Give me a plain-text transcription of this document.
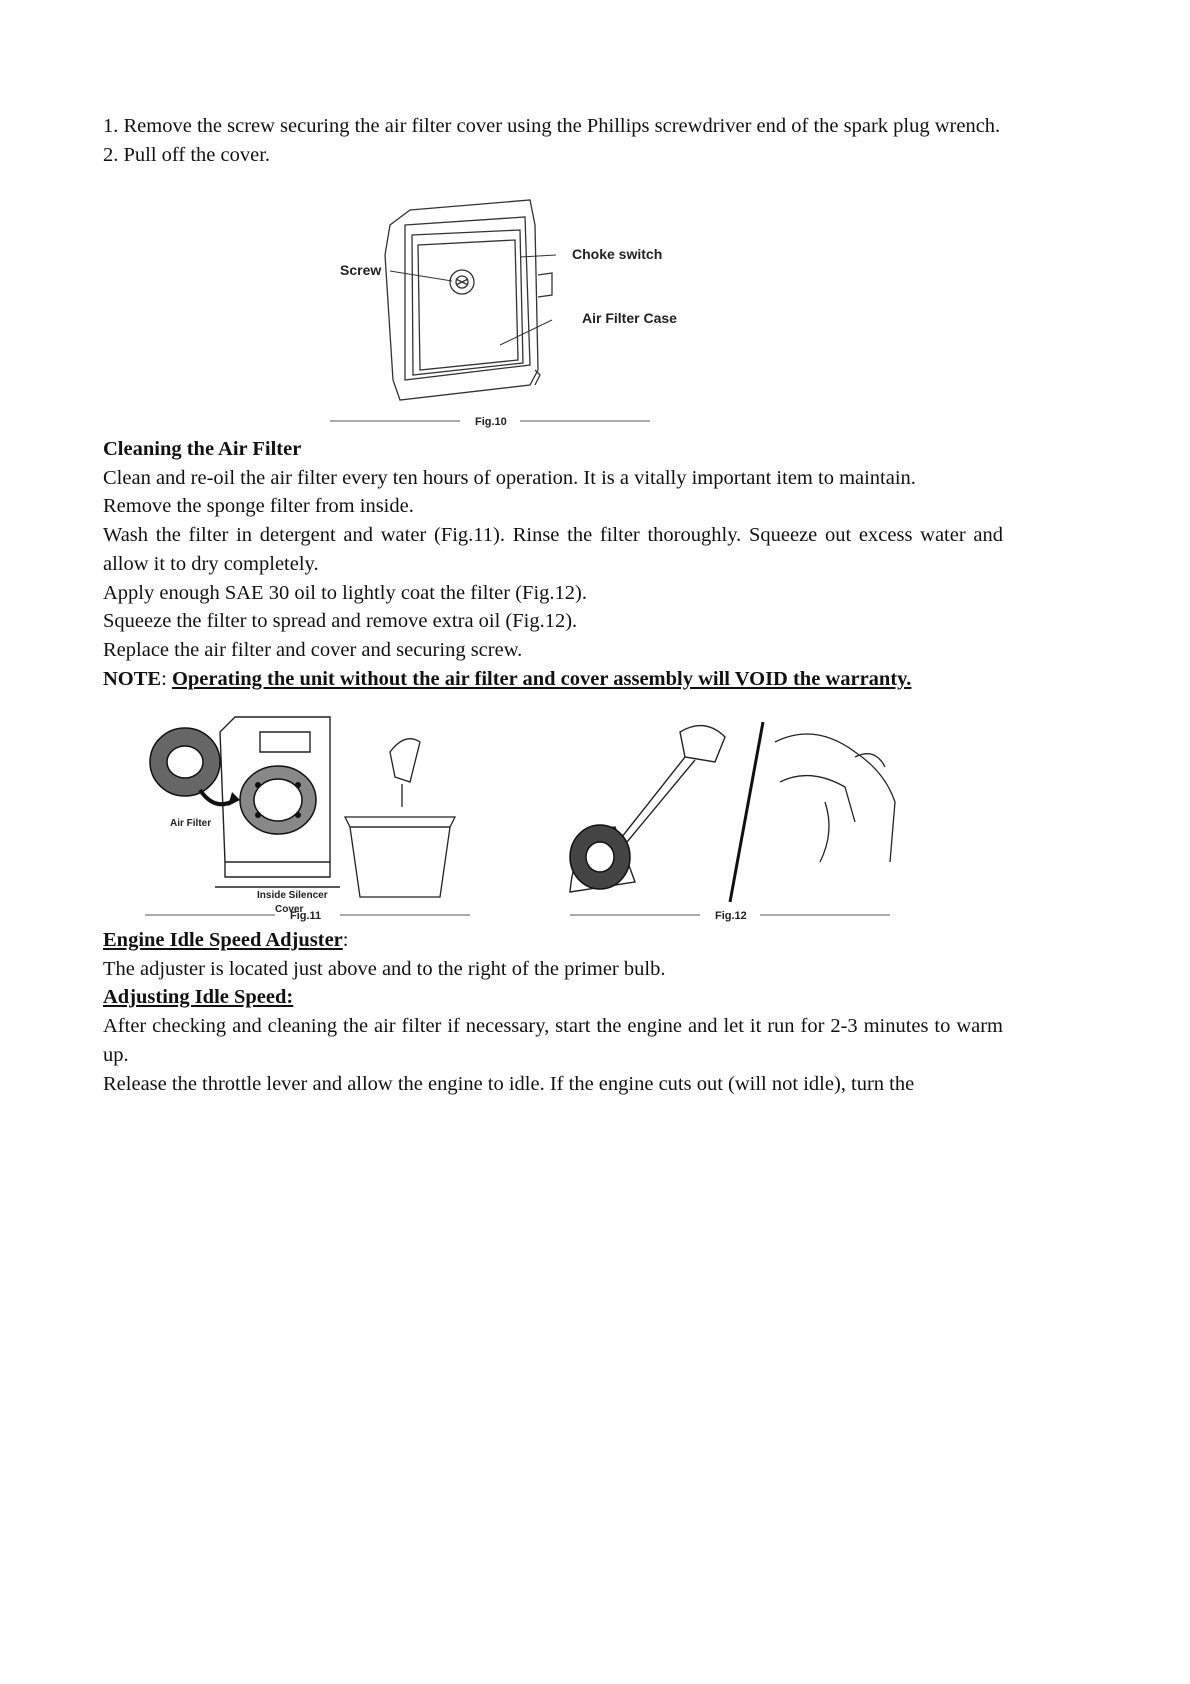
1. Remove the screw securing the air filter cover using the Phillips screwdriver end of the spark plug wrench.

2. Pull off the cover.

Screw
Choke switch
Air Filter Case
Fig.10

Cleaning the Air Filter

Clean and re-oil the air filter every ten hours of operation. It is a vitally important item to maintain.

Remove the sponge filter from inside.

Wash the filter in detergent and water (Fig.11). Rinse the filter thoroughly. Squeeze out excess water and allow it to dry completely.

Apply enough SAE 30 oil to lightly coat the filter (Fig.12).

Squeeze the filter to spread and remove extra oil (Fig.12).

Replace the air filter and cover and securing screw.

NOTE: Operating the unit without the air filter and cover assembly will VOID the warranty.

Air Filter
Inside Silencer
Cover
Fig.11	Fig.12

Engine Idle Speed Adjuster:

The adjuster is located just above and to the right of the primer bulb.

Adjusting Idle Speed:

After checking and cleaning the air filter if necessary, start the engine and let it run for 2-3 minutes to warm up.

Release the throttle lever and allow the engine to idle. If the engine cuts out (will not idle), turn the
